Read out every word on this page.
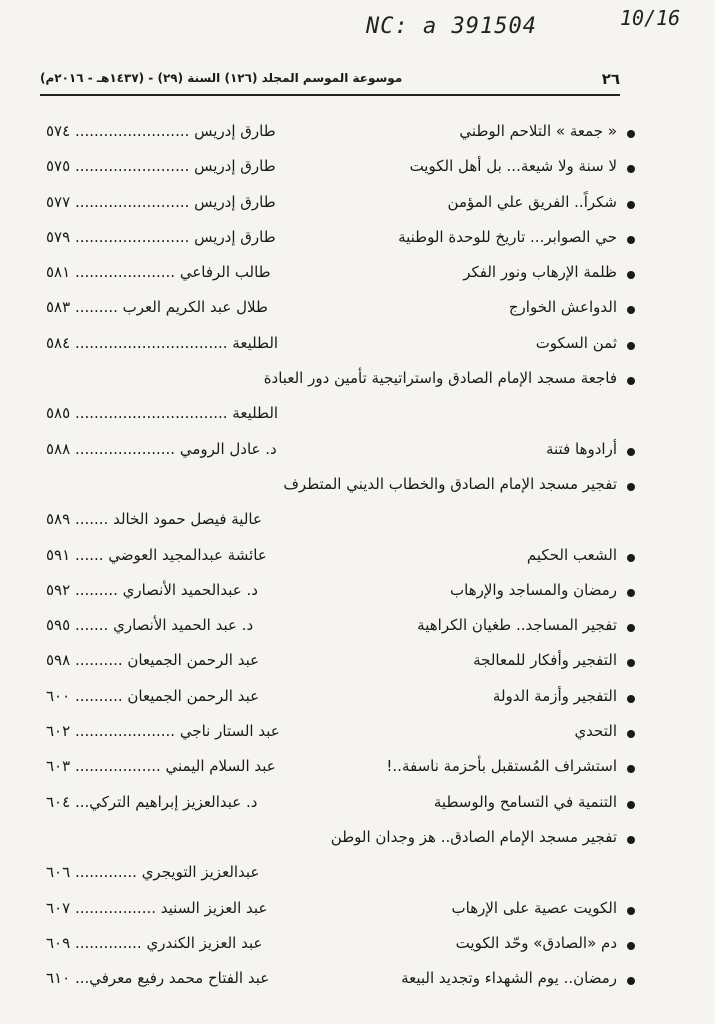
NC: a 391504	10/16
٢٦
موسوعة الموسم المجلد (١٢٦) السنة (٢٩) - (١٤٣٧هـ - ٢٠١٦م)
« جمعة » التلاحم الوطني
طارق إدريس ........................ ٥٧٤
لا سنة ولا شيعة... بل أهل الكويت
طارق إدريس ........................ ٥٧٥
شكراً.. الفريق علي المؤمن
طارق إدريس ........................ ٥٧٧
حي الصوابر... تاريخ للوحدة الوطنية
طارق إدريس ........................ ٥٧٩
ظلمة الإرهاب ونور الفكر
طالب الرفاعي ..................... ٥٨١
الدواعش الخوارج
طلال عبد الكريم العرب ......... ٥٨٣
ثمن السكوت
الطليعة ................................ ٥٨٤
فاجعة مسجد الإمام الصادق واستراتيجية تأمين دور العبادة
الطليعة ................................ ٥٨٥
أرادوها فتنة
د. عادل الرومي ..................... ٥٨٨
تفجير مسجد الإمام الصادق والخطاب الديني المتطرف
عالية فيصل حمود الخالد ....... ٥٨٩
الشعب الحكيم
عائشة عبدالمجيد العوضي ...... ٥٩١
رمضان والمساجد والإرهاب
د. عبدالحميد الأنصاري ......... ٥٩٢
تفجير المساجد.. طغيان الكراهية
د. عبد الحميد الأنصاري ....... ٥٩٥
التفجير وأفكار للمعالجة
عبد الرحمن الجميعان .......... ٥٩٨
التفجير وأزمة الدولة
عبد الرحمن الجميعان .......... ٦٠٠
التحدي
عبد الستار ناجي ..................... ٦٠٢
استشراف المُستقبل بأحزمة ناسفة..!
عبد السلام اليمني .................. ٦٠٣
التنمية في التسامح والوسطية
د. عبدالعزيز إبراهيم التركي... ٦٠٤
تفجير مسجد الإمام الصادق.. هز وجدان الوطن
عبدالعزيز التويجري ............. ٦٠٦
الكويت عصية على الإرهاب
عبد العزيز السنيد ................. ٦٠٧
دم «الصادق» وحّد الكويت
عبد العزيز الكندري .............. ٦٠٩
رمضان.. يوم الشهداء وتجديد البيعة
عبد الفتاح محمد رفيع معرفي... ٦١٠
